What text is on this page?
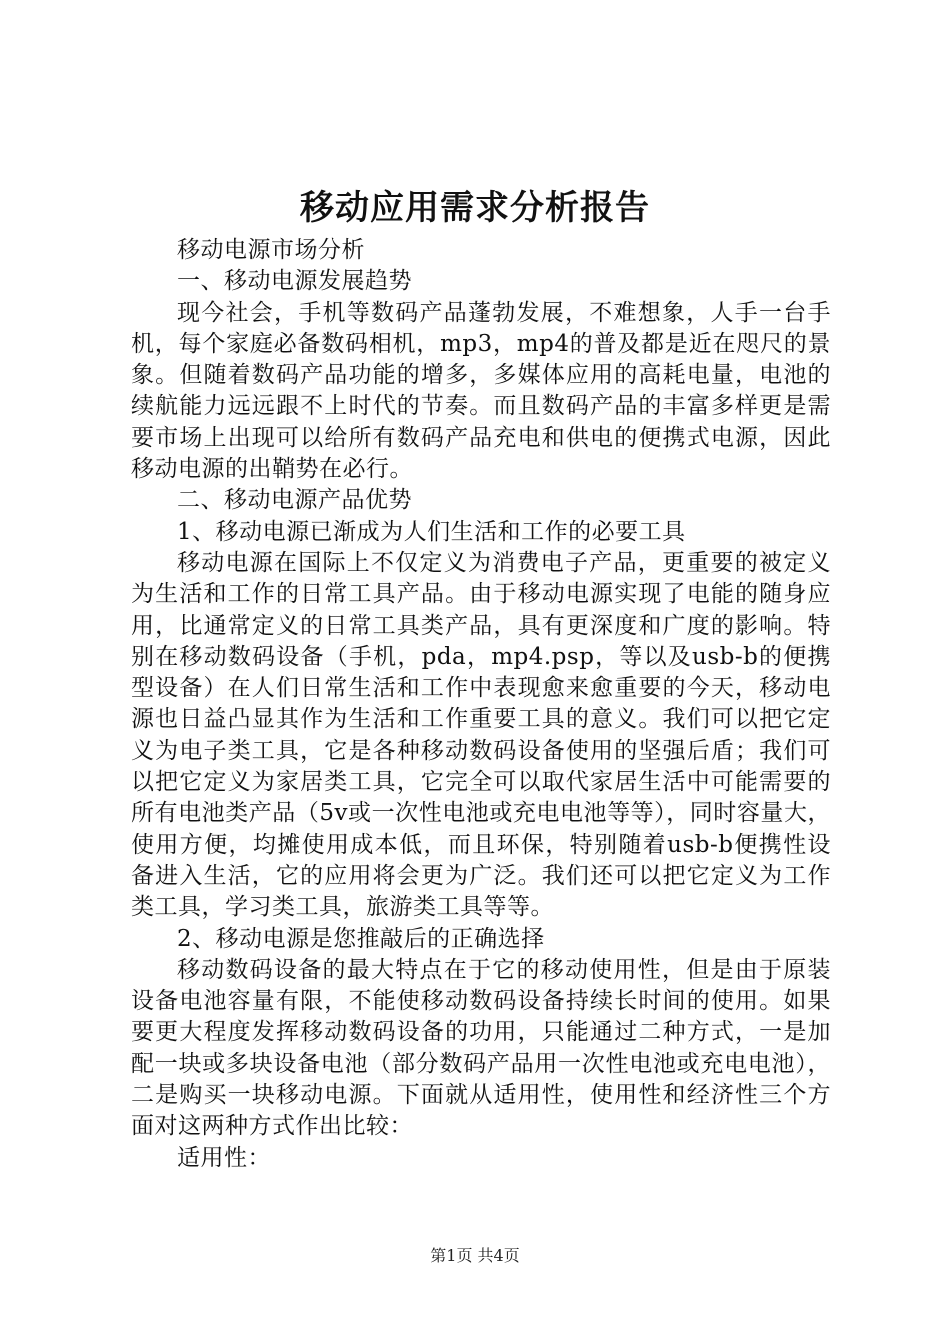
移动应用需求分析报告

移动电源市场分析

一、移动电源发展趋势

现今社会，手机等数码产品蓬勃发展，不难想象，人手一台手机，每个家庭必备数码相机，mp3，mp4的普及都是近在咫尺的景象。但随着数码产品功能的增多，多媒体应用的高耗电量，电池的续航能力远远跟不上时代的节奏。而且数码产品的丰富多样更是需要市场上出现可以给所有数码产品充电和供电的便携式电源，因此移动电源的出鞘势在必行。

二、移动电源产品优势

1、移动电源已渐成为人们生活和工作的必要工具

移动电源在国际上不仅定义为消费电子产品，更重要的被定义为生活和工作的日常工具产品。由于移动电源实现了电能的随身应用，比通常定义的日常工具类产品，具有更深度和广度的影响。特别在移动数码设备（手机，pda，mp4.psp，等以及usb-b的便携型设备）在人们日常生活和工作中表现愈来愈重要的今天，移动电源也日益凸显其作为生活和工作重要工具的意义。我们可以把它定义为电子类工具，它是各种移动数码设备使用的坚强后盾；我们可以把它定义为家居类工具，它完全可以取代家居生活中可能需要的所有电池类产品（5v或一次性电池或充电电池等等），同时容量大，使用方便，均摊使用成本低，而且环保，特别随着usb-b便携性设备进入生活，它的应用将会更为广泛。我们还可以把它定义为工作类工具，学习类工具，旅游类工具等等。

2、移动电源是您推敲后的正确选择

移动数码设备的最大特点在于它的移动使用性，但是由于原装设备电池容量有限，不能使移动数码设备持续长时间的使用。如果要更大程度发挥移动数码设备的功用，只能通过二种方式，一是加配一块或多块设备电池（部分数码产品用一次性电池或充电电池），二是购买一块移动电源。下面就从适用性，使用性和经济性三个方面对这两种方式作出比较：

适用性：

第1页 共4页
